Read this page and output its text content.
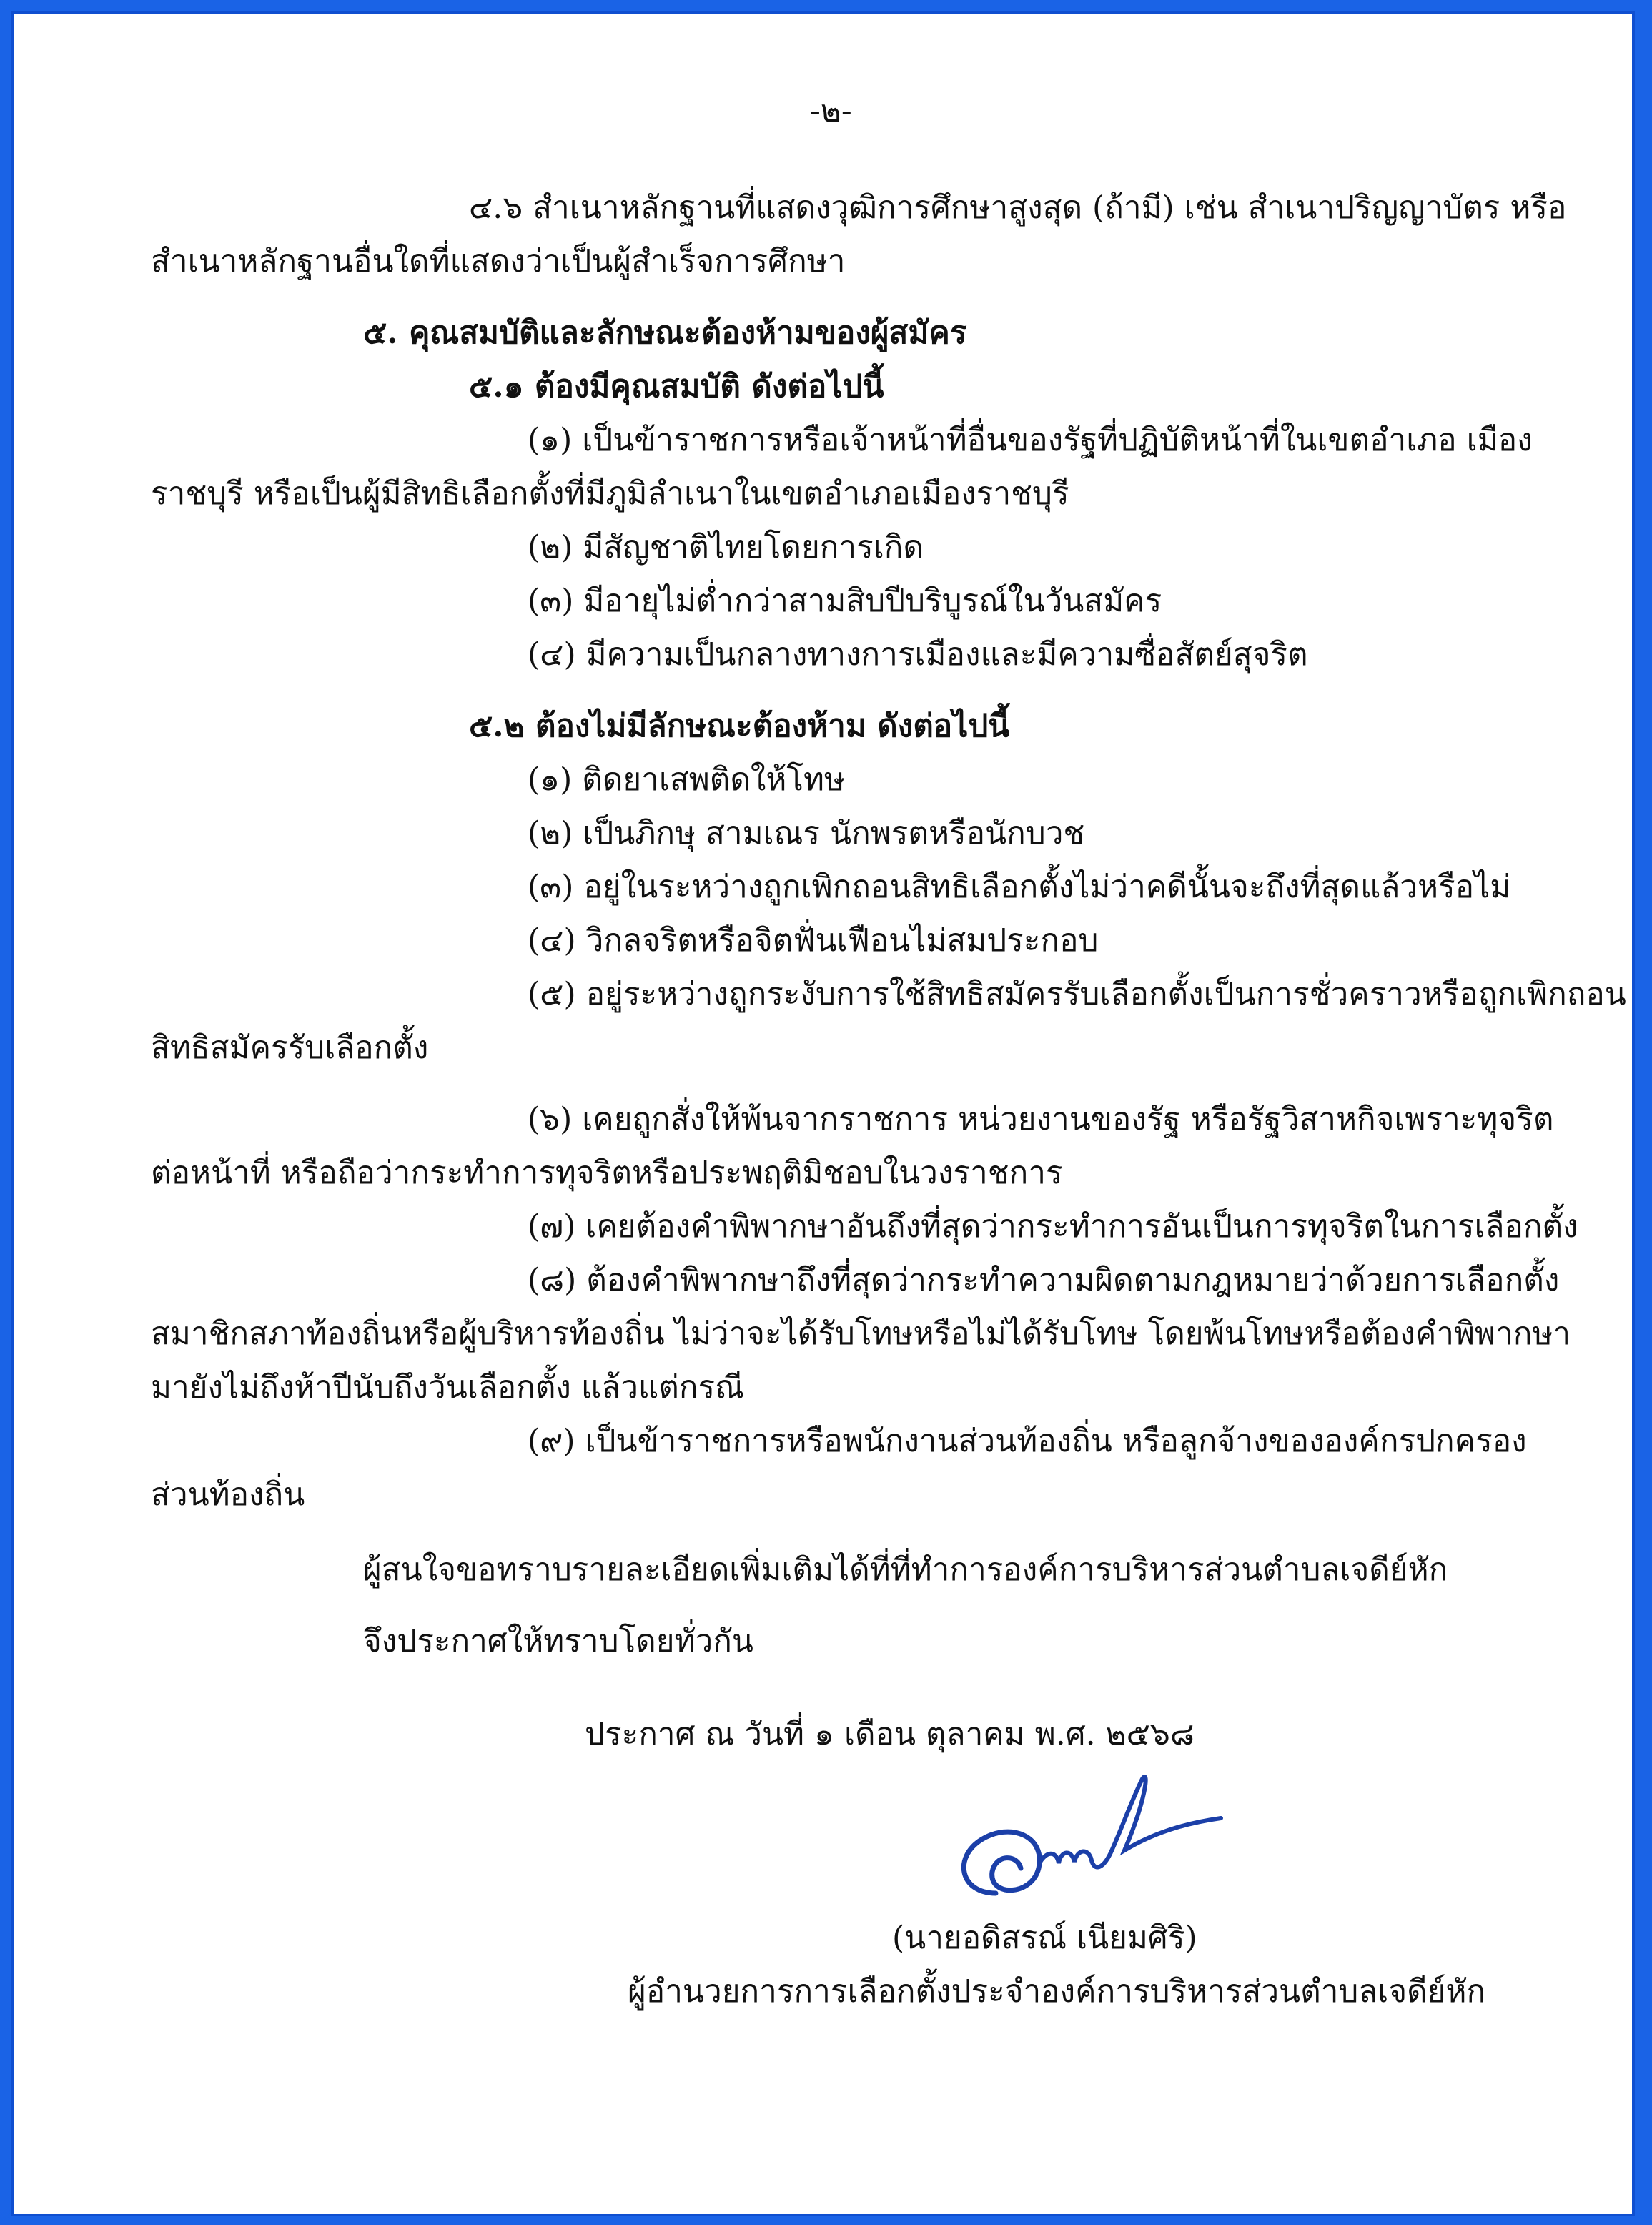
-๒-
๔.๖ สำเนาหลักฐานที่แสดงวุฒิการศึกษาสูงสุด (ถ้ามี) เช่น สำเนาปริญญาบัตร หรือ
สำเนาหลักฐานอื่นใดที่แสดงว่าเป็นผู้สำเร็จการศึกษา
๕. คุณสมบัติและลักษณะต้องห้ามของผู้สมัคร
๕.๑ ต้องมีคุณสมบัติ ดังต่อไปนี้
(๑) เป็นข้าราชการหรือเจ้าหน้าที่อื่นของรัฐที่ปฏิบัติหน้าที่ในเขตอำเภอ เมือง
ราชบุรี หรือเป็นผู้มีสิทธิเลือกตั้งที่มีภูมิลำเนาในเขตอำเภอเมืองราชบุรี
(๒) มีสัญชาติไทยโดยการเกิด
(๓) มีอายุไม่ต่ำกว่าสามสิบปีบริบูรณ์ในวันสมัคร
(๔) มีความเป็นกลางทางการเมืองและมีความซื่อสัตย์สุจริต
๕.๒ ต้องไม่มีลักษณะต้องห้าม ดังต่อไปนี้
(๑) ติดยาเสพติดให้โทษ
(๒) เป็นภิกษุ สามเณร นักพรตหรือนักบวช
(๓) อยู่ในระหว่างถูกเพิกถอนสิทธิเลือกตั้งไม่ว่าคดีนั้นจะถึงที่สุดแล้วหรือไม่
(๔) วิกลจริตหรือจิตฟั่นเฟือนไม่สมประกอบ
(๕) อยู่ระหว่างถูกระงับการใช้สิทธิสมัครรับเลือกตั้งเป็นการชั่วคราวหรือถูกเพิกถอน
สิทธิสมัครรับเลือกตั้ง
(๖) เคยถูกสั่งให้พ้นจากราชการ หน่วยงานของรัฐ หรือรัฐวิสาหกิจเพราะทุจริต
ต่อหน้าที่ หรือถือว่ากระทำการทุจริตหรือประพฤติมิชอบในวงราชการ
(๗) เคยต้องคำพิพากษาอันถึงที่สุดว่ากระทำการอันเป็นการทุจริตในการเลือกตั้ง
(๘) ต้องคำพิพากษาถึงที่สุดว่ากระทำความผิดตามกฎหมายว่าด้วยการเลือกตั้ง
สมาชิกสภาท้องถิ่นหรือผู้บริหารท้องถิ่น ไม่ว่าจะได้รับโทษหรือไม่ได้รับโทษ โดยพ้นโทษหรือต้องคำพิพากษา
มายังไม่ถึงห้าปีนับถึงวันเลือกตั้ง แล้วแต่กรณี
(๙) เป็นข้าราชการหรือพนักงานส่วนท้องถิ่น หรือลูกจ้างขององค์กรปกครอง
ส่วนท้องถิ่น
ผู้สนใจขอทราบรายละเอียดเพิ่มเติมได้ที่ที่ทำการองค์การบริหารส่วนตำบลเจดีย์หัก
จึงประกาศให้ทราบโดยทั่วกัน
ประกาศ ณ วันที่ ๑ เดือน ตุลาคม พ.ศ. ๒๕๖๘
(นายอดิสรณ์ เนียมศิริ)
ผู้อำนวยการการเลือกตั้งประจำองค์การบริหารส่วนตำบลเจดีย์หัก
